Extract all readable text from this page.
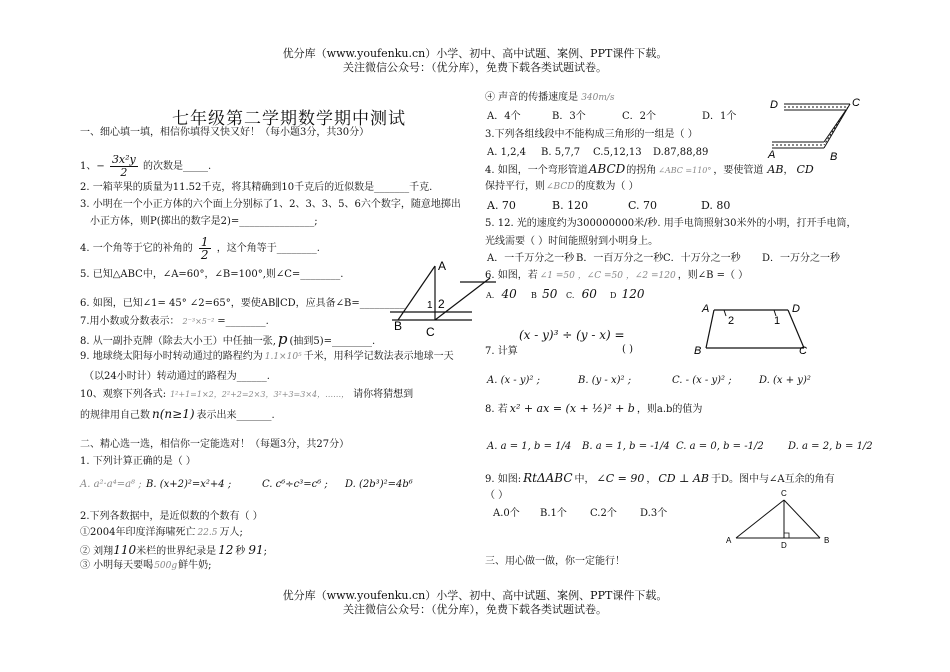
优分库（www.youfenku.cn）小学、初中、高中试题、案例、PPT课件下载。
关注微信公众号：（优分库），免费下载各类试题试卷。
七年级第二学期数学期中测试
一、细心填一填，相信你填得又快又好！（每小题3分，共30分）
1、− $\frac{\text{3x²y}}{2}$ 的次数是_____.
2. 一箱苹果的质量为11.52千克，将其精确到10千克后的近似数是_______千克.
3. 小明在一个小正方体的六个面上分别标了1、2、3、3、5、6六个数字，随意地掷出
小正方体，则P(掷出的数字是2)=_______________;
4. 一个角等于它的补角的 $\frac{1}{2}$ ，这个角等于________.
5. 已知△ABC中，∠A=60°，∠B=100°,则∠C=________.
6. 如图，已知∠1= 45° ∠2=65°，要使AB∥CD，应具备∠B=_________
7.用小数或分数表示： 2⁻³×5⁻² =________.
8. 从一副扑克牌（除去大小王）中任抽一张, p (抽到5)=________.
9. 地球绕太阳每小时转动通过的路程约为 1.1×10⁵ 千米，用科学记数法表示地球一天
（以24小时计）转动通过的路程为______.
10、观察下列各式: 1²+1=1×2，2²+2=2×3，3²+3=3×4，……， 请你将猜想到
的规律用自己数 n(n≥1) 表示出来_______.
二、精心选一选，相信你一定能选对！（每题3分，共27分）
1. 下列计算正确的是（ ）
A. a²·a⁴=a⁸ ; B. (x+2)²=x²+4 ;	C. c⁶÷c³=c⁶ ; D. (2b³)²=4b⁶
2.下列各数据中，是近似数的个数有（ ）
①2004年印度洋海啸死亡 22.5 万人;
② 刘翔110米栏的世界纪录是 12 秒 91;
③ 小明每天要喝500g鲜牛奶;
A
B C
1 2
④ 声音的传播速度是 340m/s
A．4个	B．3个	C．2个	D．1个
3.下列各组线段中不能构成三角形的一组是（ ）
A. 1,2,4 B. 5,7,7 C.5,12,13 D.87,88,89
4. 如图，一个弯形管道ABCD的拐角 ∠ABC =110° ，要使管道 AB， CD
保持平行，则∠BCD的度数为（ ）
A. 70	B. 120	C. 70	D. 80
5. 12. 光的速度约为300000000米/秒. 用手电筒照射30米外的小明，打开手电筒，
光线需要（ ）时间能照射到小明身上。
A．一千万分之一秒 B．一百万分之一秒 C．十万分之一秒 D．一万分之一秒
6. 如图，若 ∠1 =50 ，∠C =50 ，∠2 =120 ，则∠B =（ ）
A. 40 B 50 C. 60 D 120
(x - y)³ ÷ (y - x) =
7. 计算	( )
A. (x - y)² ;	B. (y - x)² ;	C. - (x - y)² ;	D. (x + y)²
8. 若 x² + ax = (x + ½)² + b ，则a.b的值为
A. a = 1, b = 1/4 B. a = 1, b = -1/4 C. a = 0, b = -1/2 D. a = 2, b = 1/2
9. 如图: RtΔABC 中， ∠C = 90 ， CD ⊥ AB 于D。图中与∠A互余的角有
（ ）
A.0个 B.1个 C.2个 D.3个
三、用心做一做，你一定能行！
D	C
A	B
A	D
B	C
2	1
C
A	B
D
优分库（www.youfenku.cn）小学、初中、高中试题、案例、PPT课件下载。
关注微信公众号：（优分库），免费下载各类试题试卷。
